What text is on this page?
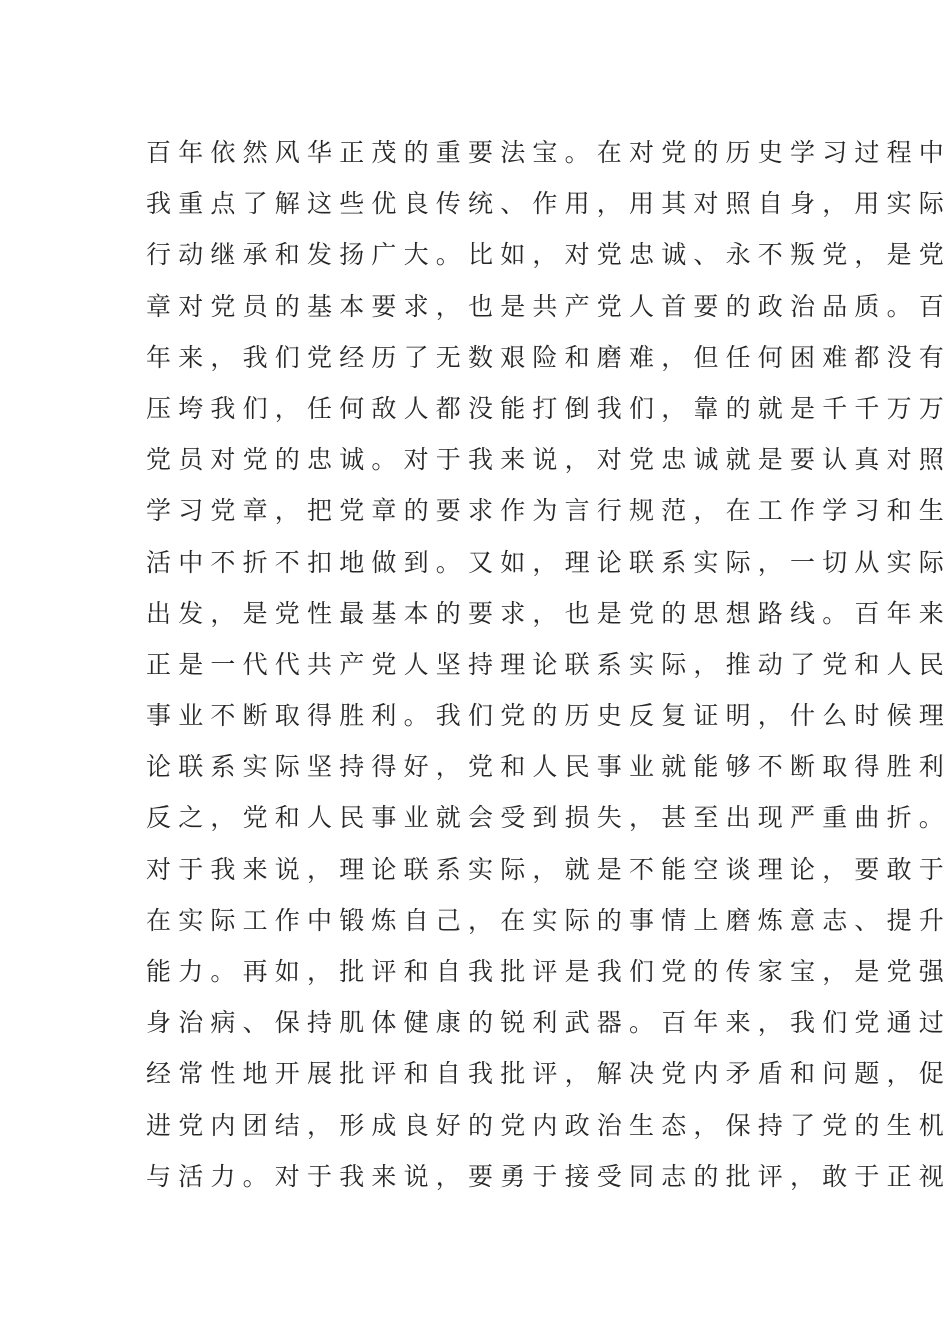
百年依然风华正茂的重要法宝。在对党的历史学习过程中
我重点了解这些优良传统、作用，用其对照自身，用实际
行动继承和发扬广大。比如，对党忠诚、永不叛党，是党
章对党员的基本要求，也是共产党人首要的政治品质。百
年来，我们党经历了无数艰险和磨难，但任何困难都没有
压垮我们，任何敌人都没能打倒我们，靠的就是千千万万
党员对党的忠诚。对于我来说，对党忠诚就是要认真对照
学习党章，把党章的要求作为言行规范，在工作学习和生
活中不折不扣地做到。又如，理论联系实际，一切从实际
出发，是党性最基本的要求，也是党的思想路线。百年来
正是一代代共产党人坚持理论联系实际，推动了党和人民
事业不断取得胜利。我们党的历史反复证明，什么时候理
论联系实际坚持得好，党和人民事业就能够不断取得胜利
反之，党和人民事业就会受到损失，甚至出现严重曲折。
对于我来说，理论联系实际，就是不能空谈理论，要敢于
在实际工作中锻炼自己，在实际的事情上磨炼意志、提升
能力。再如，批评和自我批评是我们党的传家宝，是党强
身治病、保持肌体健康的锐利武器。百年来，我们党通过
经常性地开展批评和自我批评，解决党内矛盾和问题，促
进党内团结，形成良好的党内政治生态，保持了党的生机
与活力。对于我来说，要勇于接受同志的批评，敢于正视
